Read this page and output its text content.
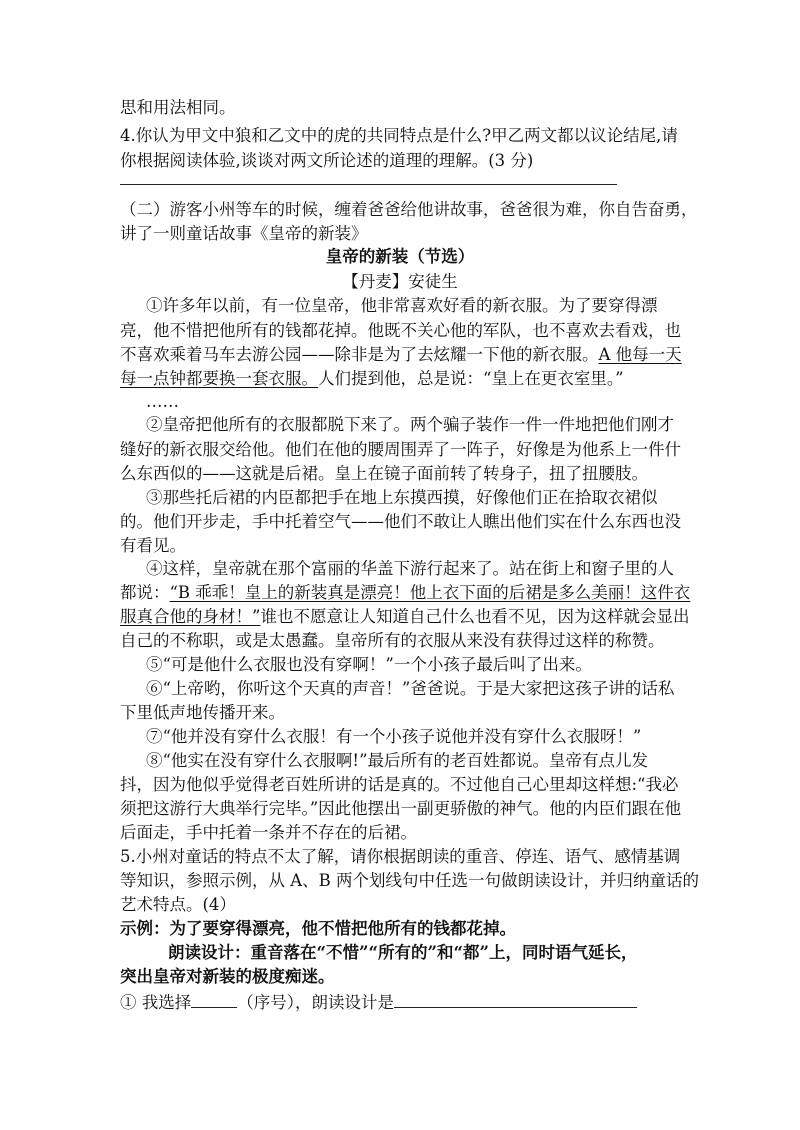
思和用法相同。
4.你认为甲文中狼和乙文中的虎的共同特点是什么?甲乙两文都以议论结尾,请
你根据阅读体验,谈谈对两文所论述的道理的理解。(3 分)
（二）游客小州等车的时候，缠着爸爸给他讲故事，爸爸很为难，你自告奋勇，
讲了一则童话故事《皇帝的新装》
皇帝的新装（节选）
【丹麦】安徒生
①许多年以前，有一位皇帝，他非常喜欢好看的新衣服。为了要穿得漂
亮，他不惜把他所有的钱都花掉。他既不关心他的军队，也不喜欢去看戏，也
不喜欢乘着马车去游公园——除非是为了去炫耀一下他的新衣服。A 他每一天
每一点钟都要换一套衣服。人们提到他，总是说：“皇上在更衣室里。”
……
②皇帝把他所有的衣服都脱下来了。两个骗子装作一件一件地把他们刚才
缝好的新衣服交给他。他们在他的腰周围弄了一阵子，好像是为他系上一件什
么东西似的——这就是后裙。皇上在镜子面前转了转身子，扭了扭腰肢。
③那些托后裙的内臣都把手在地上东摸西摸，好像他们正在拾取衣裙似
的。他们开步走，手中托着空气——他们不敢让人瞧出他们实在什么东西也没
有看见。
④这样，皇帝就在那个富丽的华盖下游行起来了。站在街上和窗子里的人
都说：“B 乖乖！皇上的新装真是漂亮！他上衣下面的后裙是多么美丽！这件衣
服真合他的身材！”谁也不愿意让人知道自己什么也看不见，因为这样就会显出
自己的不称职，或是太愚蠢。皇帝所有的衣服从来没有获得过这样的称赞。
⑤“可是他什么衣服也没有穿啊！”一个小孩子最后叫了出来。
⑥“上帝哟，你听这个天真的声音！”爸爸说。于是大家把这孩子讲的话私
下里低声地传播开来。
⑦“他并没有穿什么衣服！有一个小孩子说他并没有穿什么衣服呀！”
⑧“他实在没有穿什么衣服啊!”最后所有的老百姓都说。皇帝有点儿发
抖，因为他似乎觉得老百姓所讲的话是真的。不过他自己心里却这样想:“我必
须把这游行大典举行完毕。”因此他摆出一副更骄傲的神气。他的内臣们跟在他
后面走，手中托着一条并不存在的后裙。
5.小州对童话的特点不太了解，请你根据朗读的重音、停连、语气、感情基调
等知识，参照示例，从 A、B 两个划线句中任选一句做朗读设计，并归纳童话的
艺术特点。(4）
示例：为了要穿得漂亮，他不惜把他所有的钱都花掉。
朗读设计：重音落在“不惜”“所有的”和“都”上，同时语气延长，
突出皇帝对新装的极度痴迷。
① 我选择	（序号），朗读设计是
